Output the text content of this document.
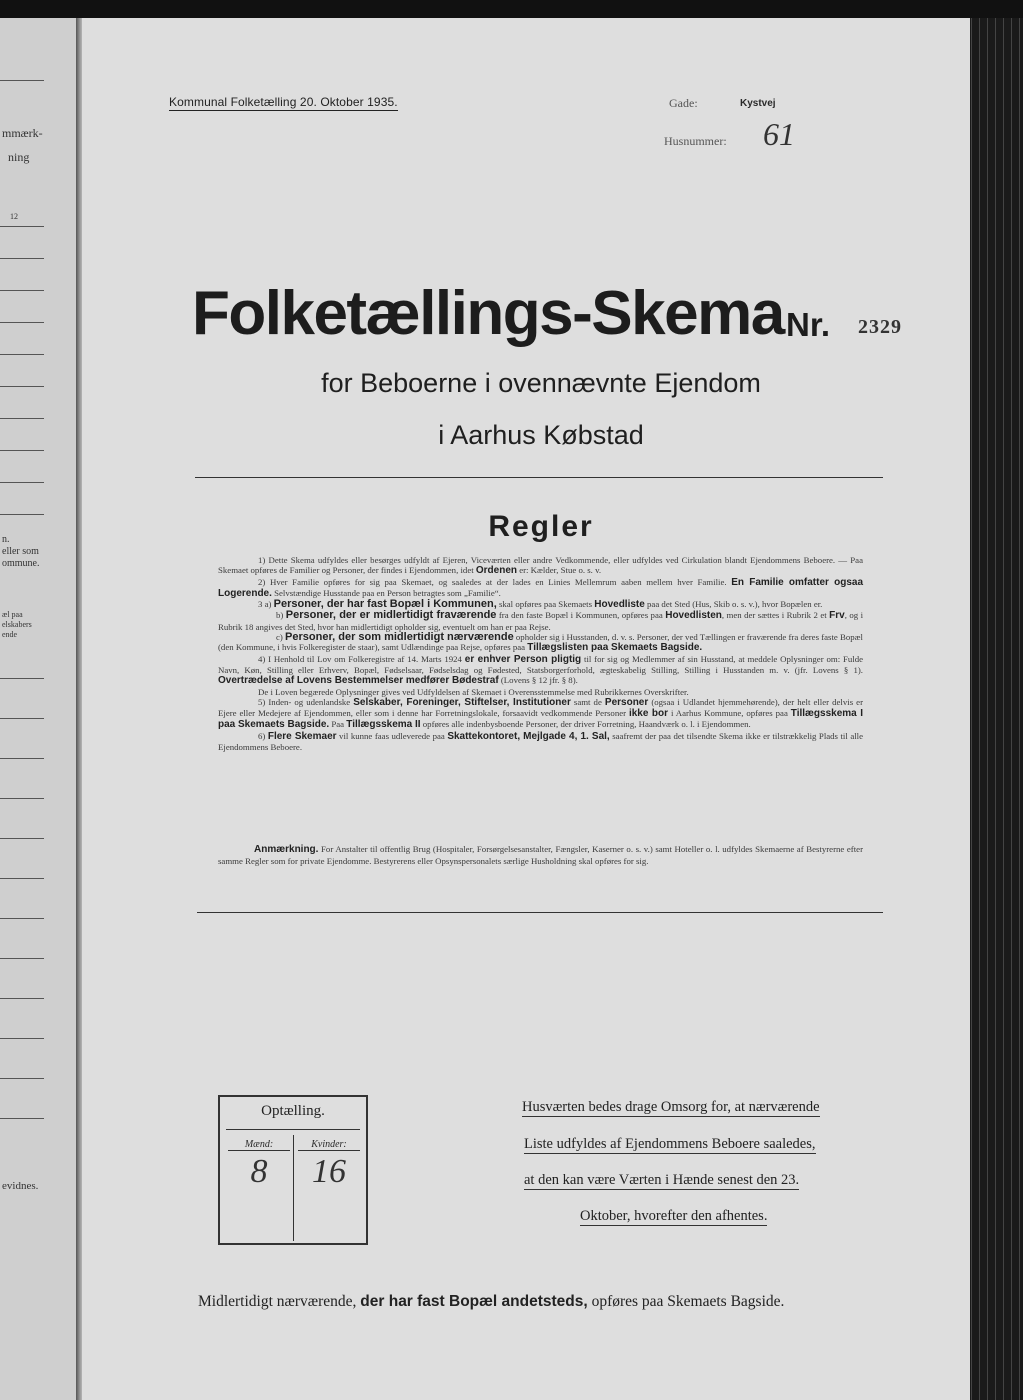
mmærk-
ning
12
n.
eller som
ommune.
æl paa
elskabers
ende
evidnes.
Kommunal Folketælling 20. Oktober 1935.	Gade:	Kystvej
Husnummer: 61
Folketællings-Skema Nr. 2329
for Beboerne i ovennævnte Ejendom
i Aarhus Købstad
Regler

1) Dette Skema udfyldes eller besørges udfyldt af Ejeren, Viceværten eller andre Vedkommende, eller udfyldes ved Cirkulation blandt Ejendommens Beboere. — Paa Skemaet opføres de Familier og Personer, der findes i Ejendommen, idet Ordenen er: Kælder, Stue o. s. v.

2) Hver Familie opføres for sig paa Skemaet, og saaledes at der lades en Linies Mellemrum aaben mellem hver Familie. En Familie omfatter ogsaa Logerende. Selvstændige Husstande paa en Person betragtes som „Familie“.

3 a) Personer, der har fast Bopæl i Kommunen, skal opføres paa Skemaets Hovedliste paa det Sted (Hus, Skib o. s. v.), hvor Bopælen er.

b) Personer, der er midlertidigt fraværende fra den faste Bopæl i Kommunen, opføres paa Hovedlisten, men der sættes i Rubrik 2 et Frv, og i Rubrik 18 angives det Sted, hvor han midlertidigt opholder sig, eventuelt om han er paa Rejse.

c) Personer, der som midlertidigt nærværende opholder sig i Husstanden, d. v. s. Personer, der ved Tællingen er fraværende fra deres faste Bopæl (den Kommune, i hvis Folkeregister de staar), samt Udlændinge paa Rejse, opføres paa Tillægslisten paa Skemaets Bagside.

4) I Henhold til Lov om Folkeregistre af 14. Marts 1924 er enhver Person pligtig til for sig og Medlemmer af sin Husstand, at meddele Oplysninger om: Fulde Navn, Køn, Stilling eller Erhverv, Bopæl, Fødselsaar, Fødselsdag og Fødested, Statsborgerforhold, ægteskabelig Stilling, Stilling i Husstanden m. v. (jfr. Lovens § 1). Overtrædelse af Lovens Bestemmelser medfører Bødestraf (Lovens § 12 jfr. § 8).

De i Loven begærede Oplysninger gives ved Udfyldelsen af Skemaet i Overensstemmelse med Rubrikkernes Overskrifter.

5) Inden- og udenlandske Selskaber, Foreninger, Stiftelser, Institutioner samt de Personer (ogsaa i Udlandet hjemmehørende), der helt eller delvis er Ejere eller Medejere af Ejendommen, eller som i denne har Forretningslokale, forsaavidt vedkommende Personer ikke bor i Aarhus Kommune, opføres paa Tillægsskema I paa Skemaets Bagside. Paa Tillægsskema II opføres alle indenbysboende Personer, der driver Forretning, Haandværk o. l. i Ejendommen.

6) Flere Skemaer vil kunne faas udleverede paa Skattekontoret, Mejlgade 4, 1. Sal, saafremt der paa det tilsendte Skema ikke er tilstrækkelig Plads til alle Ejendommens Beboere.

Anmærkning. For Anstalter til offentlig Brug (Hospitaler, Forsørgelsesanstalter, Fængsler, Kaserner o. s. v.) samt Hoteller o. l. udfyldes Skemaerne af Bestyrerne efter samme Regler som for private Ejendomme. Bestyrerens eller Opsynspersonalets særlige Husholdning skal opføres for sig.

Optælling.
Mænd:	Kvinder:
8	16
Husværten bedes drage Omsorg for, at nærværende
Liste udfyldes af Ejendommens Beboere saaledes,
at den kan være Værten i Hænde senest den 23.
Oktober, hvorefter den afhentes.
Midlertidigt nærværende, der har fast Bopæl andetsteds, opføres paa Skemaets Bagside.
